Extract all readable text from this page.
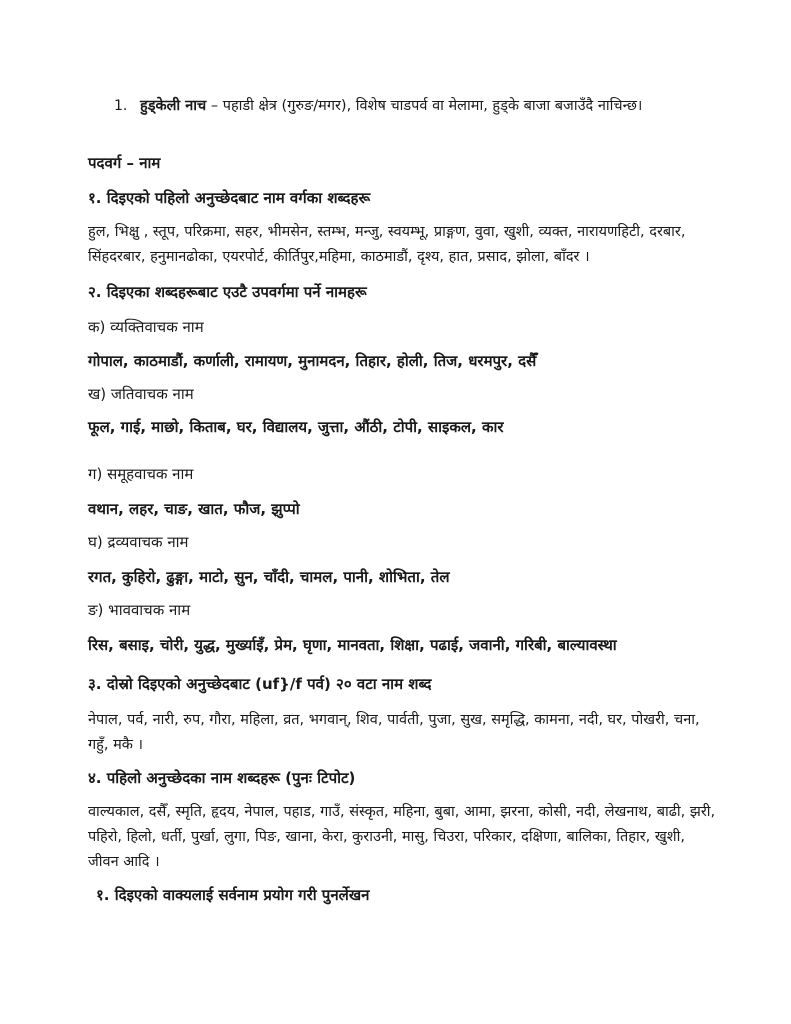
1. हुड्केली नाच – पहाडी क्षेत्र (गुरुङ/मगर), विशेष चाडपर्व वा मेलामा, हुड्के बाजा बजाउँदै नाचिन्छ।
पदवर्ग – नाम
१. दिइएको पहिलो अनुच्छेदबाट नाम वर्गका शब्दहरू

हुल, भिक्षु , स्तूप, परिक्रमा, सहर, भीमसेन, स्तम्भ, मन्जु, स्वयम्भू, प्राङ्गण, वुवा, खुशी, व्यक्त, नारायणहिटी, दरबार, सिंहदरबार, हनुमानढोका, एयरपोर्ट, कीर्तिपुर,महिमा, काठमाडौं, दृश्य, हात, प्रसाद, झोला, बाँदर ।

२. दिइएका शब्दहरूबाट एउटै उपवर्गमा पर्ने नामहरू
क) व्यक्तिवाचक नाम
गोपाल, काठमाडौं, कर्णाली, रामायण, मुनामदन, तिहार, होली, तिज, धरमपुर, दसैँ
ख) जतिवाचक नाम
फूल, गाई, माछो, किताब, घर, विद्यालय, जुत्ता, औंठी, टोपी, साइकल, कार
ग) समूहवाचक नाम
वथान, लहर, चाङ, खात, फौज, झुप्पो
घ) द्रव्यवाचक नाम
रगत, कुहिरो, ढुङ्गा, माटो, सुन, चाँदी, चामल, पानी, शोभिता, तेल
ङ) भाववाचक नाम
रिस, बसाइ, चोरी, युद्ध, मुर्ख्याइँ, प्रेम, घृणा, मानवता, शिक्षा, पढाई, जवानी, गरिबी, बाल्यावस्था
३. दोस्रो दिइएको अनुच्छेदबाट (uf}/f पर्व) २० वटा नाम शब्द

नेपाल, पर्व, नारी, रुप, गौरा, महिला, व्रत, भगवान्, शिव, पार्वती, पुजा, सुख, समृद्धि, कामना, नदी, घर, पोखरी, चना, गहुँ, मकै ।

४. पहिलो अनुच्छेदका नाम शब्दहरू (पुनः टिपोट)

वाल्यकाल, दसैँ, स्मृति, हृदय, नेपाल, पहाड, गाउँ, संस्कृत, महिना, बुबा, आमा, झरना, कोसी, नदी, लेखनाथ, बाढी, झरी, पहिरो, हिलो, धर्ती, पुर्खा, लुगा, पिङ, खाना, केरा, कुराउनी, मासु, चिउरा, परिकार, दक्षिणा, बालिका, तिहार, खुशी, जीवन आदि ।

१. दिइएको वाक्यलाई सर्वनाम प्रयोग गरी पुनर्लेखन
